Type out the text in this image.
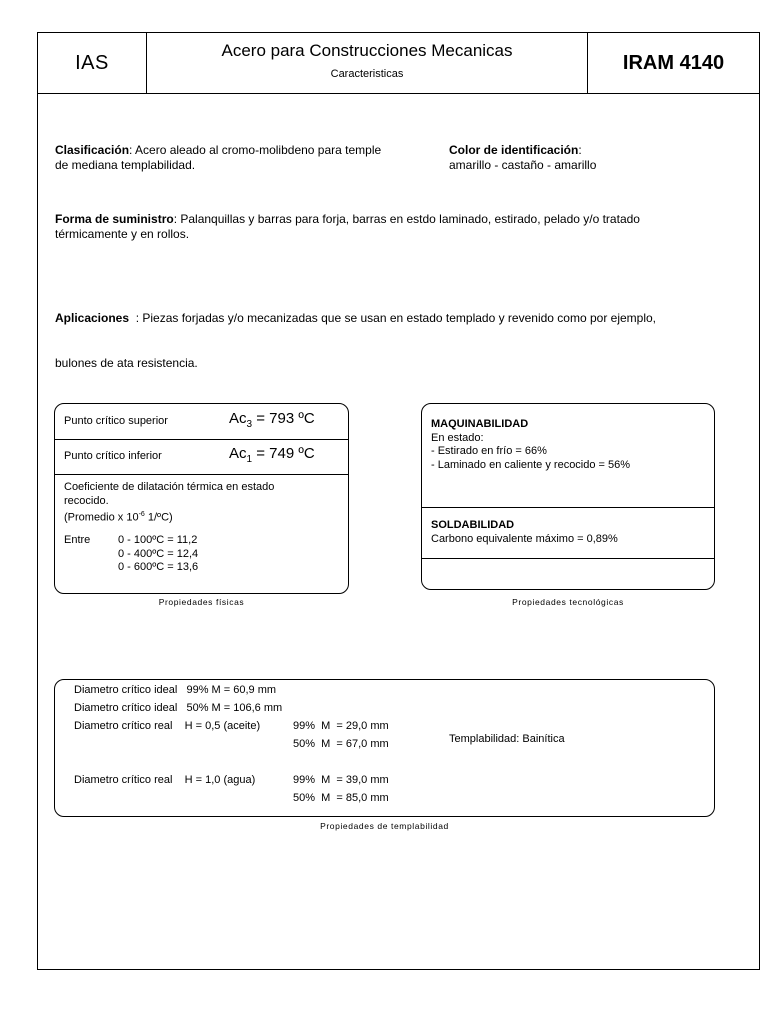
IAS
Acero para Construcciones Mecanicas
Caracteristicas
IRAM 4140
Clasificación: Acero aleado al cromo-molibdeno para temple
de mediana templabilidad.
Color de identificación:
amarillo - castaño - amarillo
Forma de suministro: Palanquillas y barras para forja, barras en estdo laminado, estirado, pelado y/o tratado
térmicamente y en rollos.

Aplicaciones  : Piezas forjadas y/o mecanizadas que se usan en estado templado y revenido como por ejemplo,

bulones de ata resistencia.

Punto crítico superior	$Ac_3 = 793$ ºC
Punto crítico inferior	$Ac_1 = 749$ ºC
Coeficiente de dilatación térmica en estado
recocido.
(Promedio x $10^{-6}$ 1/ºC)
Entre	0 - 100ºC = 11,2
0 - 400ºC = 12,4
0 - 600ºC = 13,6
Propiedades físicas
MAQUINABILIDAD
En estado:
- Estirado en frío = 66%
- Laminado en caliente y recocido = 56%
SOLDABILIDAD
Carbono equivalente máximo = 0,89%
Propiedades tecnológicas
Diametro crítico ideal   99% M = 60,9 mm
Diametro crítico ideal   50% M = 106,6 mm
Diametro crítico real    H = 0,5 (aceite)	99%  M  = 29,0 mm
50%  M  = 67,0 mm	Templabilidad: Bainítica
Diametro crítico real    H = 1,0 (agua)	99%  M  = 39,0 mm
50%  M  = 85,0 mm
Propiedades de templabilidad
